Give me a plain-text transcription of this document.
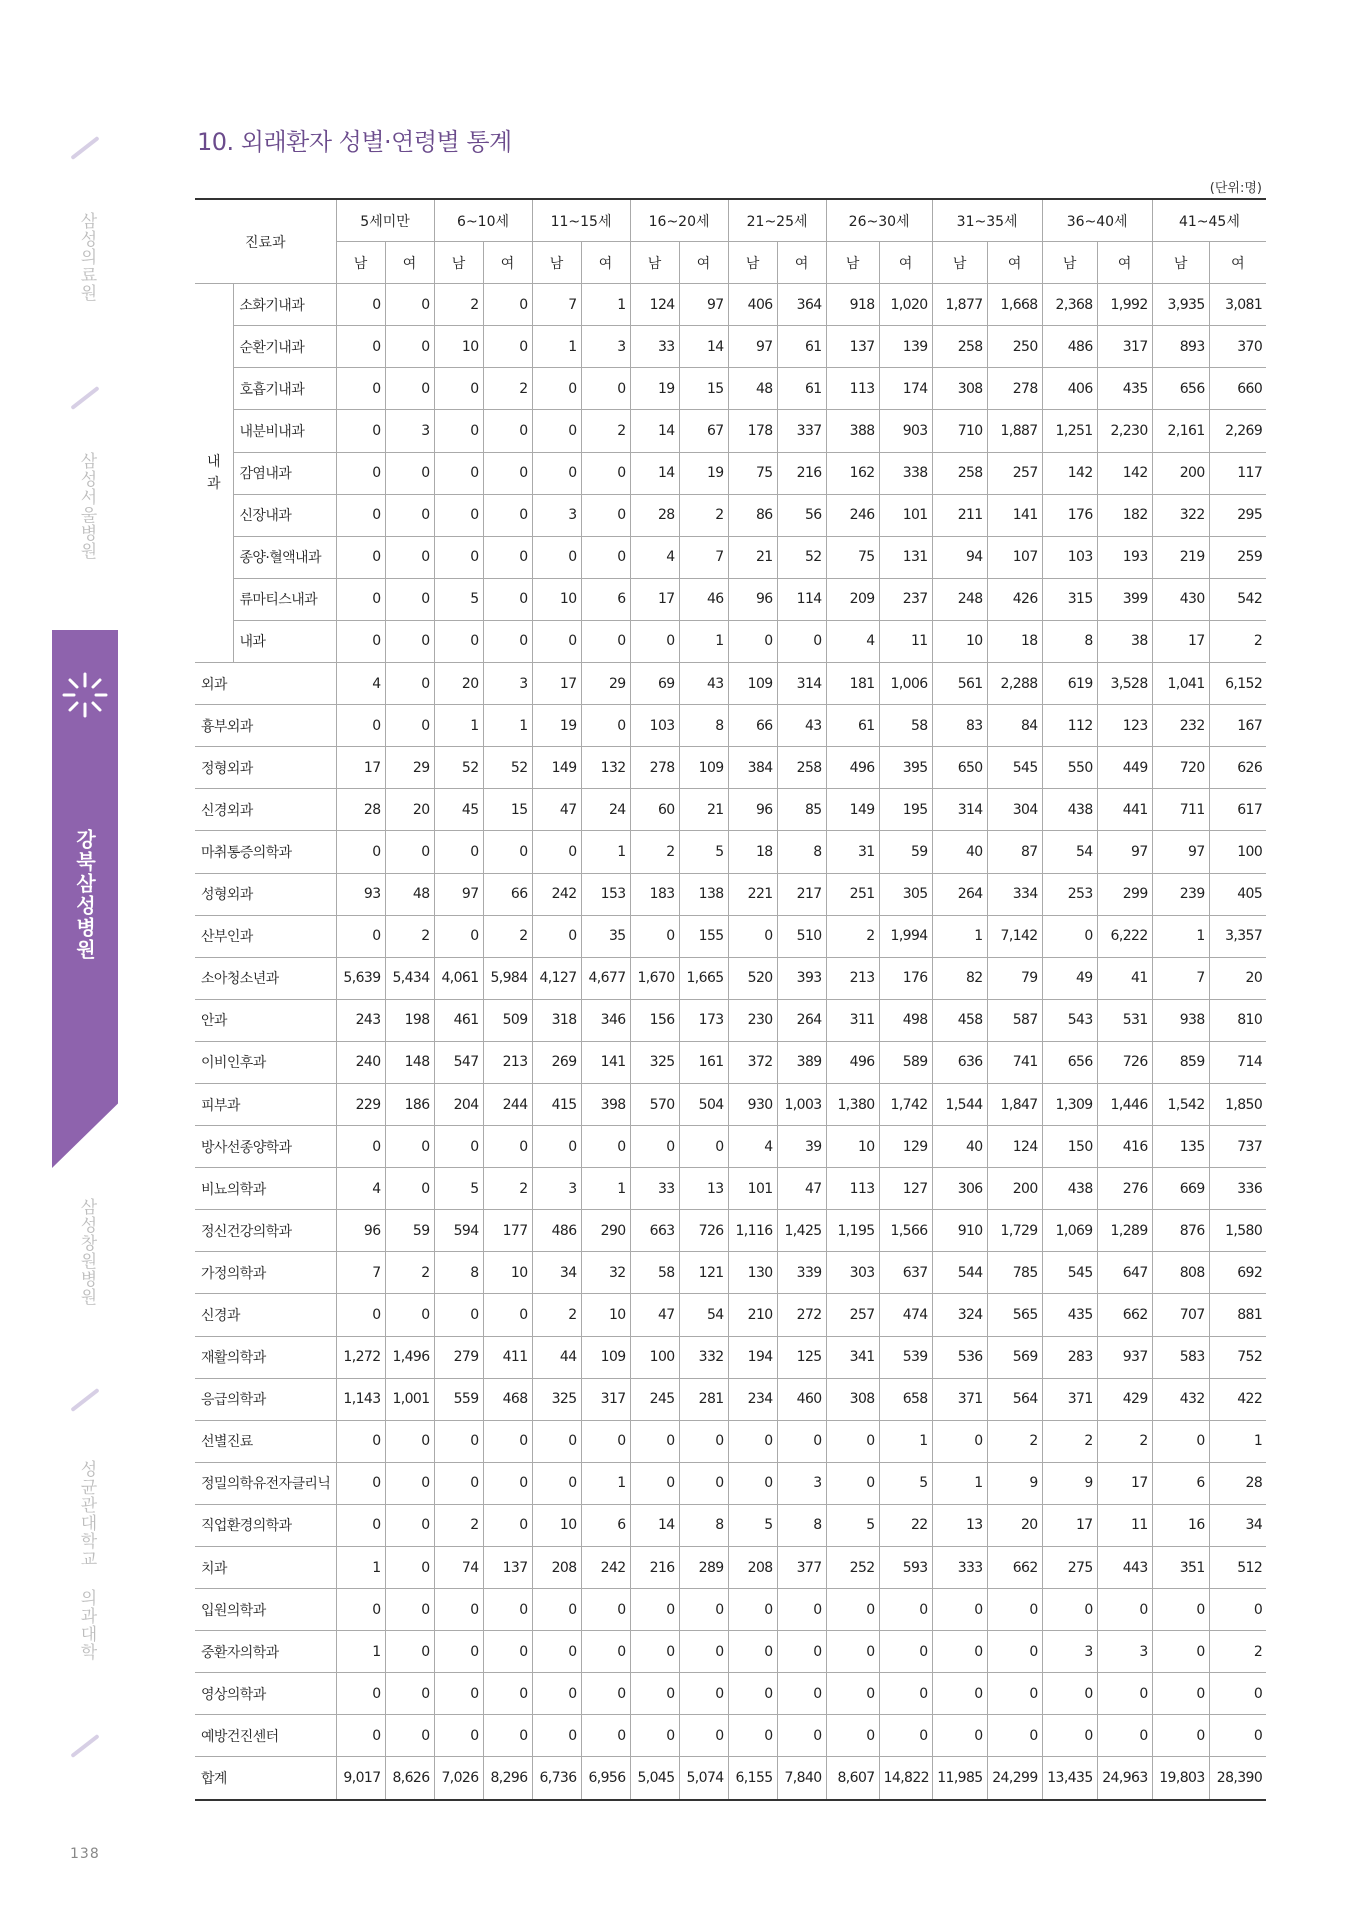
삼성의료원
삼성서울병원
강북삼성병원
삼성창원병원
성균관대학교 의과대학
138
10. 외래환자 성별·연령별 통계
(단위:명)
진료과		5세미만		6~10세		11~15세		16~20세		21~25세		26~30세		31~35세		36~40세		41~45세	
		남	여	남	여	남	여	남	여	남	여	남	여	남	여	남	여	남	여
내과	소화기내과	0	0	2	0	7	1	124	97	406	364	918	1,020	1,877	1,668	2,368	1,992	3,935	3,081
	순환기내과	0	0	10	0	1	3	33	14	97	61	137	139	258	250	486	317	893	370
	호흡기내과	0	0	0	2	0	0	19	15	48	61	113	174	308	278	406	435	656	660
	내분비내과	0	3	0	0	0	2	14	67	178	337	388	903	710	1,887	1,251	2,230	2,161	2,269
	감염내과	0	0	0	0	0	0	14	19	75	216	162	338	258	257	142	142	200	117
	신장내과	0	0	0	0	3	0	28	2	86	56	246	101	211	141	176	182	322	295
	종양·혈액내과	0	0	0	0	0	0	4	7	21	52	75	131	94	107	103	193	219	259
	류마티스내과	0	0	5	0	10	6	17	46	96	114	209	237	248	426	315	399	430	542
	내과	0	0	0	0	0	0	0	1	0	0	4	11	10	18	8	38	17	2
외과		4	0	20	3	17	29	69	43	109	314	181	1,006	561	2,288	619	3,528	1,041	6,152
흉부외과		0	0	1	1	19	0	103	8	66	43	61	58	83	84	112	123	232	167
정형외과		17	29	52	52	149	132	278	109	384	258	496	395	650	545	550	449	720	626
신경외과		28	20	45	15	47	24	60	21	96	85	149	195	314	304	438	441	711	617
마취통증의학과		0	0	0	0	0	1	2	5	18	8	31	59	40	87	54	97	97	100
성형외과		93	48	97	66	242	153	183	138	221	217	251	305	264	334	253	299	239	405
산부인과		0	2	0	2	0	35	0	155	0	510	2	1,994	1	7,142	0	6,222	1	3,357
소아청소년과		5,639	5,434	4,061	5,984	4,127	4,677	1,670	1,665	520	393	213	176	82	79	49	41	7	20
안과		243	198	461	509	318	346	156	173	230	264	311	498	458	587	543	531	938	810
이비인후과		240	148	547	213	269	141	325	161	372	389	496	589	636	741	656	726	859	714
피부과		229	186	204	244	415	398	570	504	930	1,003	1,380	1,742	1,544	1,847	1,309	1,446	1,542	1,850
방사선종양학과		0	0	0	0	0	0	0	0	4	39	10	129	40	124	150	416	135	737
비뇨의학과		4	0	5	2	3	1	33	13	101	47	113	127	306	200	438	276	669	336
정신건강의학과		96	59	594	177	486	290	663	726	1,116	1,425	1,195	1,566	910	1,729	1,069	1,289	876	1,580
가정의학과		7	2	8	10	34	32	58	121	130	339	303	637	544	785	545	647	808	692
신경과		0	0	0	0	2	10	47	54	210	272	257	474	324	565	435	662	707	881
재활의학과		1,272	1,496	279	411	44	109	100	332	194	125	341	539	536	569	283	937	583	752
응급의학과		1,143	1,001	559	468	325	317	245	281	234	460	308	658	371	564	371	429	432	422
선별진료		0	0	0	0	0	0	0	0	0	0	0	1	0	2	2	2	0	1
정밀의학유전자클리닉		0	0	0	0	0	1	0	0	0	3	0	5	1	9	9	17	6	28
직업환경의학과		0	0	2	0	10	6	14	8	5	8	5	22	13	20	17	11	16	34
치과		1	0	74	137	208	242	216	289	208	377	252	593	333	662	275	443	351	512
입원의학과		0	0	0	0	0	0	0	0	0	0	0	0	0	0	0	0	0	0
중환자의학과		1	0	0	0	0	0	0	0	0	0	0	0	0	0	3	3	0	2
영상의학과		0	0	0	0	0	0	0	0	0	0	0	0	0	0	0	0	0	0
예방건진센터		0	0	0	0	0	0	0	0	0	0	0	0	0	0	0	0	0	0
합계		9,017	8,626	7,026	8,296	6,736	6,956	5,045	5,074	6,155	7,840	8,607	14,822	11,985	24,299	13,435	24,963	19,803	28,390
